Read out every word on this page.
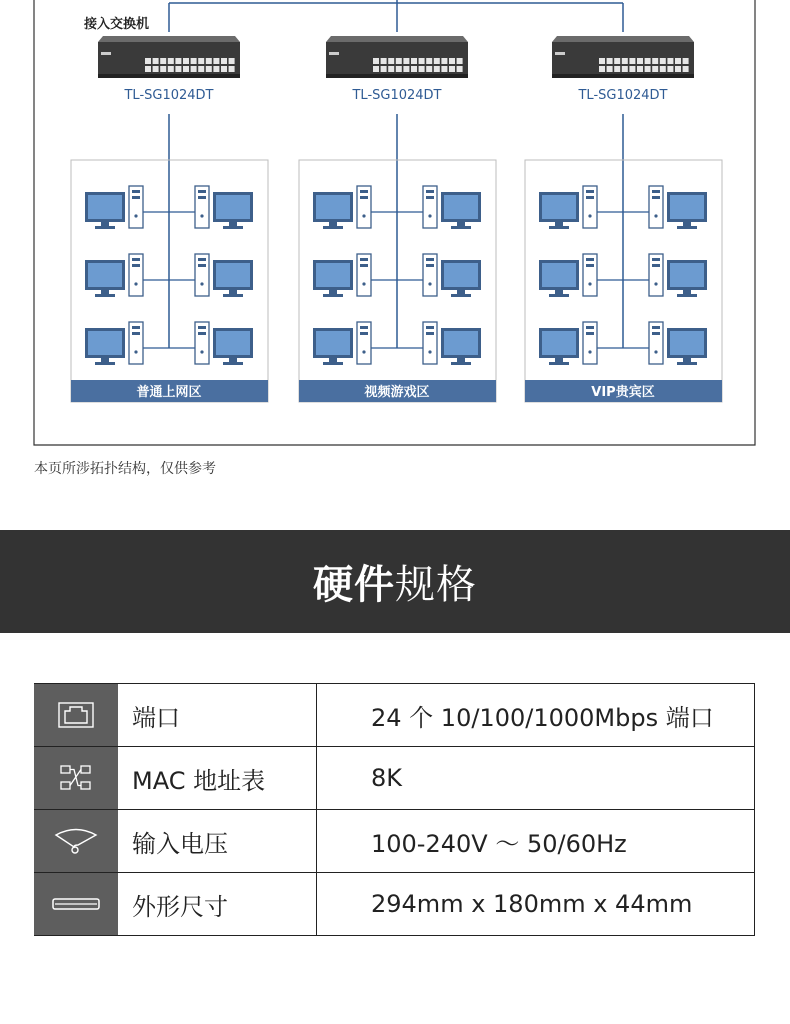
接入交换机
TL-SG1024DT	TL-SG1024DT	TL-SG1024DT
普通上网区	视频游戏区	VIP贵宾区
本页所涉拓扑结构，仅供参考
硬件 规格
	端口	24 个 10/100/1000Mbps 端口

	MAC 地址表	8K

	输入电压	100-240V ～ 50/60Hz

	外形尺寸	294mm x 180mm x 44mm
